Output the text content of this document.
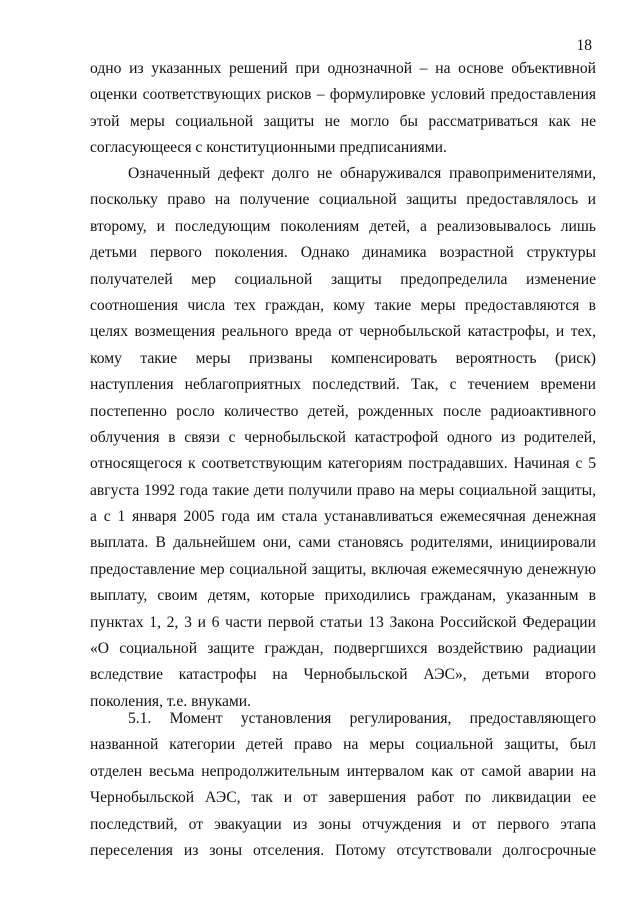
18
одно из указанных решений при однозначной – на основе объективной
оценки соответствующих рисков – формулировке условий предоставления
этой меры социальной защиты не могло бы рассматриваться как не
согласующееся с конституционными предписаниями.
Означенный дефект долго не обнаруживался правоприменителями,
поскольку право на получение социальной защиты предоставлялось и
второму, и последующим поколениям детей, а реализовывалось лишь
детьми первого поколения. Однако динамика возрастной структуры
получателей мер социальной защиты предопределила изменение
соотношения числа тех граждан, кому такие меры предоставляются в
целях возмещения реального вреда от чернобыльской катастрофы, и тех,
кому такие меры призваны компенсировать вероятность (риск)
наступления неблагоприятных последствий. Так, с течением времени
постепенно росло количество детей, рожденных после радиоактивного
облучения в связи с чернобыльской катастрофой одного из родителей,
относящегося к соответствующим категориям пострадавших. Начиная с 5
августа 1992 года такие дети получили право на меры социальной защиты,
а с 1 января 2005 года им стала устанавливаться ежемесячная денежная
выплата. В дальнейшем они, сами становясь родителями, инициировали
предоставление мер социальной защиты, включая ежемесячную денежную
выплату, своим детям, которые приходились гражданам, указанным в
пунктах 1, 2, 3 и 6 части первой статьи 13 Закона Российской Федерации
«О социальной защите граждан, подвергшихся воздействию радиации
вследствие катастрофы на Чернобыльской АЭС», детьми второго
поколения, т.е. внуками.
5.1. Момент установления регулирования, предоставляющего
названной категории детей право на меры социальной защиты, был
отделен весьма непродолжительным интервалом как от самой аварии на
Чернобыльской АЭС, так и от завершения работ по ликвидации ее
последствий, от эвакуации из зоны отчуждения и от первого этапа
переселения из зоны отселения. Потому отсутствовали долгосрочные
